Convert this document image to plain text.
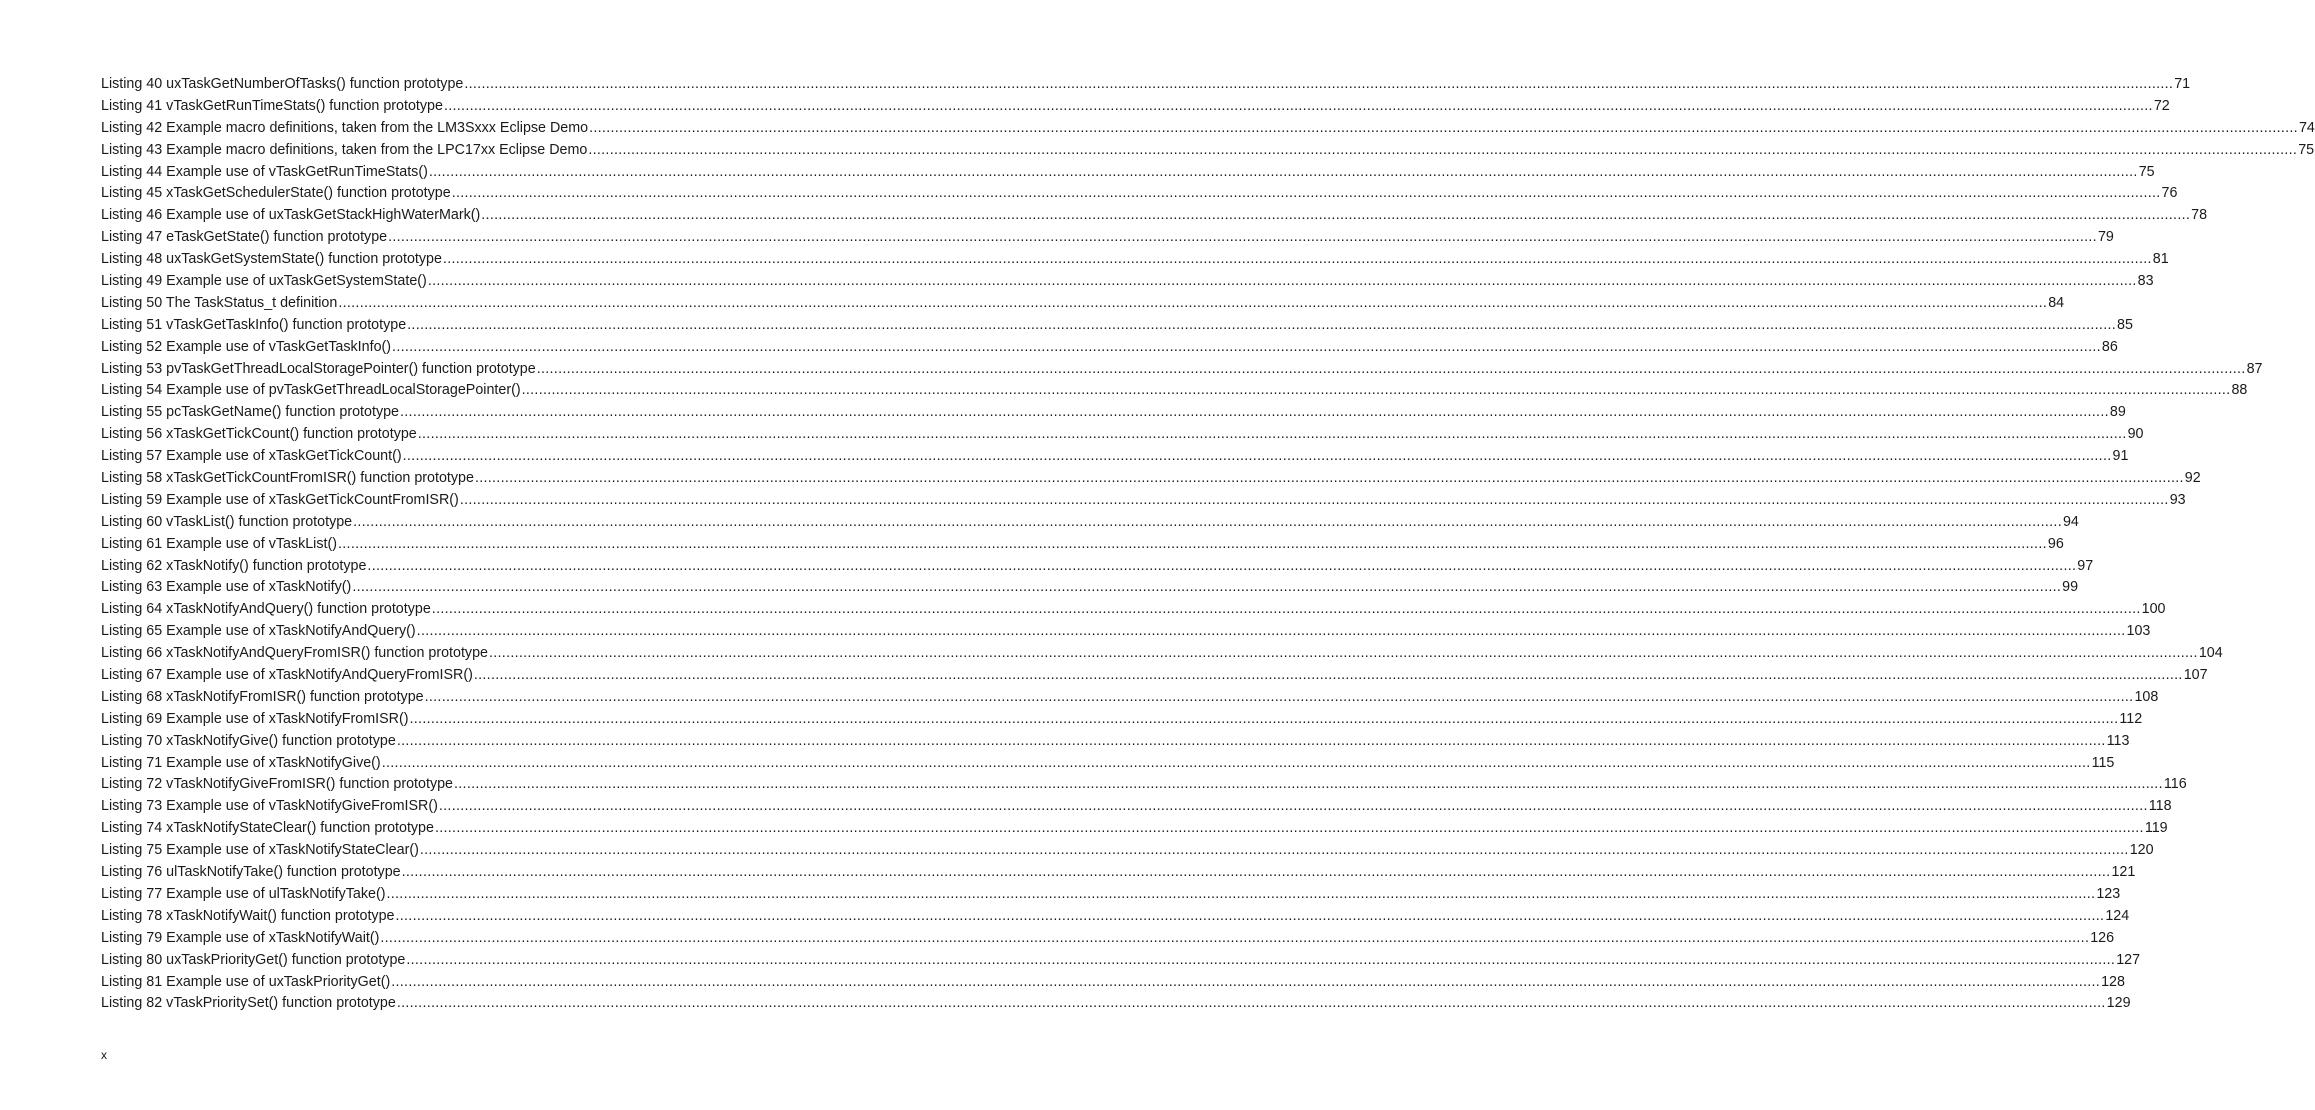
Listing 40 uxTaskGetNumberOfTasks() function prototype ................................................................................................................................................................................................................................................................................................................................................................................................................ 71
Listing 41 vTaskGetRunTimeStats() function prototype ................................................................................................................................................................................................................................................................................................................................................................................................................ 72
Listing 42 Example macro definitions, taken from the LM3Sxxx Eclipse Demo ................................................................................................................................................................................................................................................................................................................................................................................................................ 74
Listing 43 Example macro definitions, taken from the LPC17xx Eclipse Demo ................................................................................................................................................................................................................................................................................................................................................................................................................ 75
Listing 44 Example use of vTaskGetRunTimeStats() ................................................................................................................................................................................................................................................................................................................................................................................................................ 75
Listing 45 xTaskGetSchedulerState() function prototype ................................................................................................................................................................................................................................................................................................................................................................................................................ 76
Listing 46 Example use of uxTaskGetStackHighWaterMark() ................................................................................................................................................................................................................................................................................................................................................................................................................ 78
Listing 47 eTaskGetState() function prototype ................................................................................................................................................................................................................................................................................................................................................................................................................ 79
Listing 48 uxTaskGetSystemState() function prototype ................................................................................................................................................................................................................................................................................................................................................................................................................ 81
Listing 49 Example use of uxTaskGetSystemState() ................................................................................................................................................................................................................................................................................................................................................................................................................ 83
Listing 50 The TaskStatus_t definition ................................................................................................................................................................................................................................................................................................................................................................................................................ 84
Listing 51 vTaskGetTaskInfo() function prototype ................................................................................................................................................................................................................................................................................................................................................................................................................ 85
Listing 52 Example use of vTaskGetTaskInfo() ................................................................................................................................................................................................................................................................................................................................................................................................................ 86
Listing 53 pvTaskGetThreadLocalStoragePointer() function prototype ................................................................................................................................................................................................................................................................................................................................................................................................................ 87
Listing 54 Example use of pvTaskGetThreadLocalStoragePointer() ................................................................................................................................................................................................................................................................................................................................................................................................................ 88
Listing 55 pcTaskGetName() function prototype ................................................................................................................................................................................................................................................................................................................................................................................................................ 89
Listing 56 xTaskGetTickCount() function prototype ................................................................................................................................................................................................................................................................................................................................................................................................................ 90
Listing 57 Example use of xTaskGetTickCount() ................................................................................................................................................................................................................................................................................................................................................................................................................ 91
Listing 58 xTaskGetTickCountFromISR() function prototype ................................................................................................................................................................................................................................................................................................................................................................................................................ 92
Listing 59 Example use of xTaskGetTickCountFromISR() ................................................................................................................................................................................................................................................................................................................................................................................................................ 93
Listing 60 vTaskList() function prototype ................................................................................................................................................................................................................................................................................................................................................................................................................ 94
Listing 61 Example use of vTaskList() ................................................................................................................................................................................................................................................................................................................................................................................................................ 96
Listing 62 xTaskNotify() function prototype ................................................................................................................................................................................................................................................................................................................................................................................................................ 97
Listing 63 Example use of xTaskNotify() ................................................................................................................................................................................................................................................................................................................................................................................................................ 99
Listing 64 xTaskNotifyAndQuery() function prototype ................................................................................................................................................................................................................................................................................................................................................................................................................ 100
Listing 65 Example use of xTaskNotifyAndQuery() ................................................................................................................................................................................................................................................................................................................................................................................................................ 103
Listing 66 xTaskNotifyAndQueryFromISR() function prototype ................................................................................................................................................................................................................................................................................................................................................................................................................ 104
Listing 67 Example use of xTaskNotifyAndQueryFromISR() ................................................................................................................................................................................................................................................................................................................................................................................................................ 107
Listing 68 xTaskNotifyFromISR() function prototype ................................................................................................................................................................................................................................................................................................................................................................................................................ 108
Listing 69 Example use of xTaskNotifyFromISR() ................................................................................................................................................................................................................................................................................................................................................................................................................ 112
Listing 70 xTaskNotifyGive() function prototype ................................................................................................................................................................................................................................................................................................................................................................................................................ 113
Listing 71 Example use of xTaskNotifyGive() ................................................................................................................................................................................................................................................................................................................................................................................................................ 115
Listing 72 vTaskNotifyGiveFromISR() function prototype ................................................................................................................................................................................................................................................................................................................................................................................................................ 116
Listing 73 Example use of vTaskNotifyGiveFromISR() ................................................................................................................................................................................................................................................................................................................................................................................................................ 118
Listing 74 xTaskNotifyStateClear() function prototype ................................................................................................................................................................................................................................................................................................................................................................................................................ 119
Listing 75 Example use of xTaskNotifyStateClear() ................................................................................................................................................................................................................................................................................................................................................................................................................ 120
Listing 76 ulTaskNotifyTake() function prototype ................................................................................................................................................................................................................................................................................................................................................................................................................ 121
Listing 77 Example use of ulTaskNotifyTake() ................................................................................................................................................................................................................................................................................................................................................................................................................ 123
Listing 78 xTaskNotifyWait() function prototype ................................................................................................................................................................................................................................................................................................................................................................................................................ 124
Listing 79 Example use of xTaskNotifyWait() ................................................................................................................................................................................................................................................................................................................................................................................................................ 126
Listing 80 uxTaskPriorityGet() function prototype ................................................................................................................................................................................................................................................................................................................................................................................................................ 127
Listing 81 Example use of uxTaskPriorityGet() ................................................................................................................................................................................................................................................................................................................................................................................................................ 128
Listing 82 vTaskPrioritySet() function prototype ................................................................................................................................................................................................................................................................................................................................................................................................................ 129
x
